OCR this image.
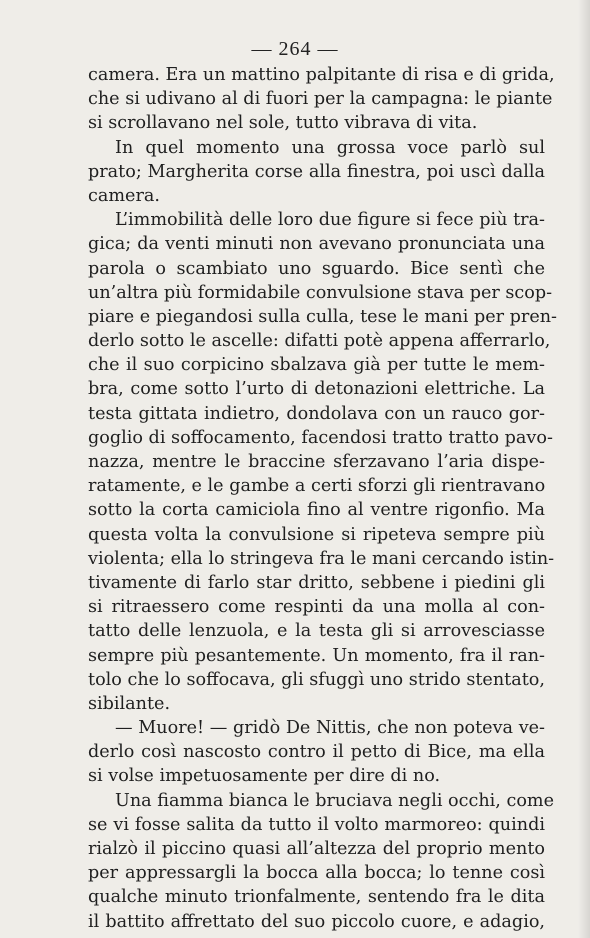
— 264 —
camera. Era un mattino palpitante di risa e di grida,
che si udivano al di fuori per la campagna: le piante
si scrollavano nel sole, tutto vibrava di vita.
In quel momento una grossa voce parlò sul
prato; Margherita corse alla finestra, poi uscì dalla
camera.
L’immobilità delle loro due figure si fece più tra-
gica; da venti minuti non avevano pronunciata una
parola o scambiato uno sguardo. Bice sentì che
un’altra più formidabile convulsione stava per scop-
piare e piegandosi sulla culla, tese le mani per pren-
derlo sotto le ascelle: difatti potè appena afferrarlo,
che il suo corpicino sbalzava già per tutte le mem-
bra, come sotto l’urto di detonazioni elettriche. La
testa gittata indietro, dondolava con un rauco gor-
goglio di soffocamento, facendosi tratto tratto pavo-
nazza, mentre le braccine sferzavano l’aria dispe-
ratamente, e le gambe a certi sforzi gli rientravano
sotto la corta camiciola fino al ventre rigonfio. Ma
questa volta la convulsione si ripeteva sempre più
violenta; ella lo stringeva fra le mani cercando istin-
tivamente di farlo star dritto, sebbene i piedini gli
si ritraessero come respinti da una molla al con-
tatto delle lenzuola, e la testa gli si arrovesciasse
sempre più pesantemente. Un momento, fra il ran-
tolo che lo soffocava, gli sfuggì uno strido stentato,
sibilante.
— Muore! — gridò De Nittis, che non poteva ve-
derlo così nascosto contro il petto di Bice, ma ella
si volse impetuosamente per dire di no.
Una fiamma bianca le bruciava negli occhi, come
se vi fosse salita da tutto il volto marmoreo: quindi
rialzò il piccino quasi all’altezza del proprio mento
per appressargli la bocca alla bocca; lo tenne così
qualche minuto trionfalmente, sentendo fra le dita
il battito affrettato del suo piccolo cuore, e adagio,
